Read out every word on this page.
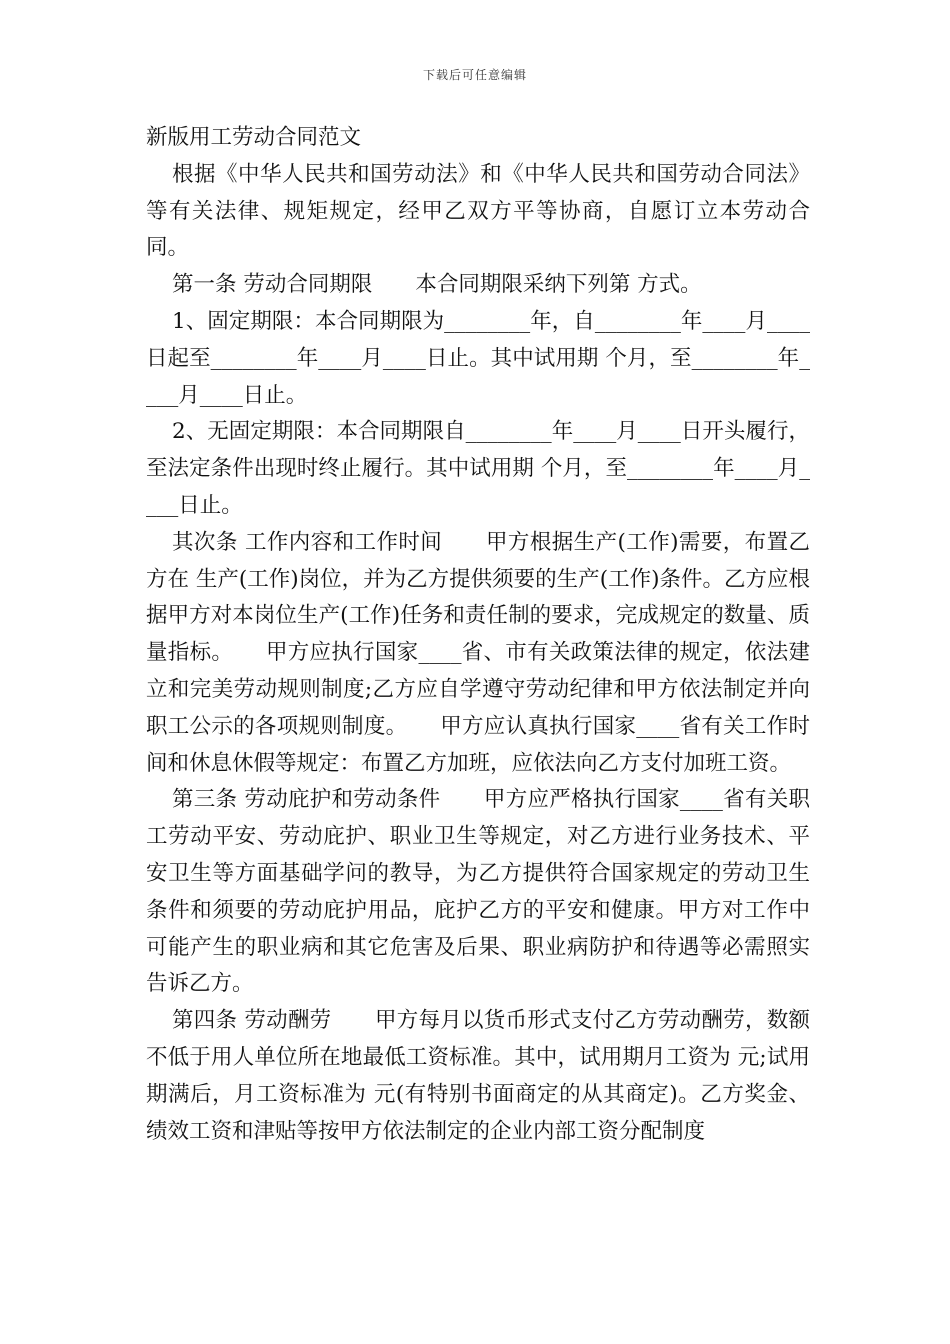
下载后可任意编辑
新版用工劳动合同范文

根据《中华人民共和国劳动法》和《中华人民共和国劳动合同法》等有关法律、规矩规定，经甲乙双方平等协商，自愿订立本劳动合同。

第一条 劳动合同期限　　本合同期限采纳下列第 方式。

1、固定期限：本合同期限为________年，自________年____月____日起至________年____月____日止。其中试用期 个月，至________年____月____日止。

2、无固定期限：本合同期限自________年____月____日开头履行，至法定条件出现时终止履行。其中试用期 个月，至________年____月____日止。

其次条 工作内容和工作时间　　甲方根据生产(工作)需要，布置乙方在 生产(工作)岗位，并为乙方提供须要的生产(工作)条件。乙方应根据甲方对本岗位生产(工作)任务和责任制的要求，完成规定的数量、质量指标。　　甲方应执行国家____省、市有关政策法律的规定，依法建立和完美劳动规则制度;乙方应自学遵守劳动纪律和甲方依法制定并向职工公示的各项规则制度。　　甲方应认真执行国家____省有关工作时间和休息休假等规定：布置乙方加班，应依法向乙方支付加班工资。

第三条 劳动庇护和劳动条件　　甲方应严格执行国家____省有关职工劳动平安、劳动庇护、职业卫生等规定，对乙方进行业务技术、平安卫生等方面基础学问的教导，为乙方提供符合国家规定的劳动卫生条件和须要的劳动庇护用品，庇护乙方的平安和健康。甲方对工作中可能产生的职业病和其它危害及后果、职业病防护和待遇等必需照实告诉乙方。

第四条 劳动酬劳　　甲方每月以货币形式支付乙方劳动酬劳，数额不低于用人单位所在地最低工资标准。其中，试用期月工资为 元;试用期满后，月工资标准为 元(有特别书面商定的从其商定)。乙方奖金、绩效工资和津贴等按甲方依法制定的企业内部工资分配制度
